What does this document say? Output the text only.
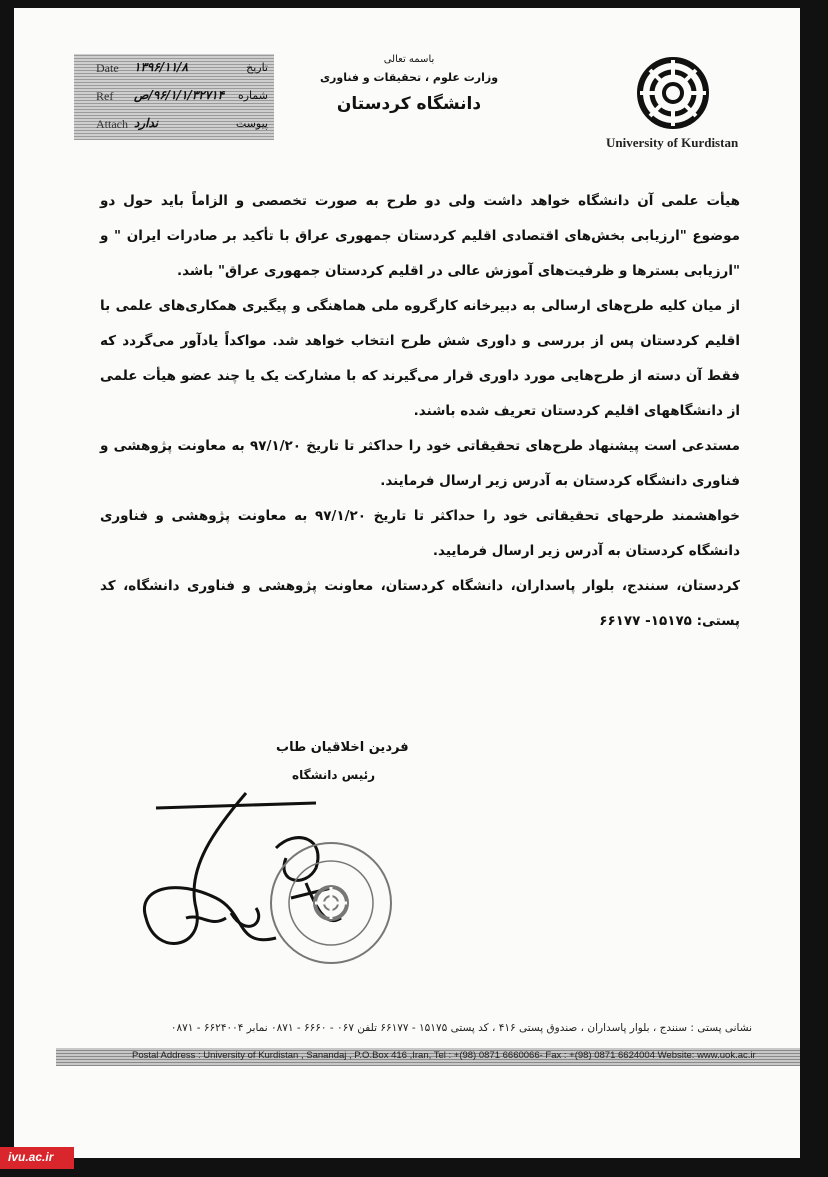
Date ۱۳۹۶/۱۱/۸	تاریخ
Ref ۹۶/۱/۱/۳۲۷۱۴/ص شماره
Attach ندارد	پیوست
باسمه تعالی
وزارت علوم ، تحقیقات و فناوری
دانشگاه کردستان
University of Kurdistan

هیأت علمی آن دانشگاه خواهد داشت ولی دو طرح به صورت تخصصی و الزاماً باید حول دو موضوع "ارزیابی بخش‌های اقتصادی اقلیم کردستان جمهوری عراق با تأکید بر صادرات ایران " و "ارزیابی بسترها و ظرفیت‌های آموزش عالی در اقلیم کردستان جمهوری عراق" باشد.

از میان کلیه طرح‌های ارسالی به دبیرخانه کارگروه ملی هماهنگی و پیگیری همکاری‌های علمی با اقلیم کردستان پس از بررسی و داوری شش طرح انتخاب خواهد شد. مواکداً یادآور می‌گردد که فقط آن دسته از طرح‌هایی مورد داوری قرار می‌گیرند که با مشارکت یک یا چند عضو هیأت علمی از دانشگاههای اقلیم کردستان تعریف شده باشند.

مستدعی است پیشنهاد طرح‌های تحقیقاتی خود را حداکثر تا تاریخ ۹۷/۱/۲۰ به معاونت پژوهشی و فناوری دانشگاه کردستان به آدرس زیر ارسال فرمایند.

خواهشمند طرحهای تحقیقاتی خود را حداکثر تا تاریخ ۹۷/۱/۲۰ به معاونت پژوهشی و فناوری دانشگاه کردستان به آدرس زیر ارسال فرمایید.

کردستان، سنندج، بلوار پاسداران، دانشگاه کردستان، معاونت پژوهشی و فناوری دانشگاه، کد پستی: ۱۵۱۷۵- ۶۶۱۷۷

فردین اخلاقیان طاب
رئیس دانشگاه
نشانی پستی : سنندج ، بلوار پاسداران ، صندوق پستی ۴۱۶ ، کد پستی ۱۵۱۷۵ - ۶۶۱۷۷ تلفن ۰۶۷ - ۶۶۶۰ - ۰۸۷۱ نمابر ۶۶۲۴۰۰۴ - ۰۸۷۱
Postal Address : University of Kurdistan , Sanandaj , P.O.Box 416 ,Iran, Tel : +(98) 0871 6660066- Fax : +(98) 0871 6624004 Website: www.uok.ac.ir
ivu.ac.ir
